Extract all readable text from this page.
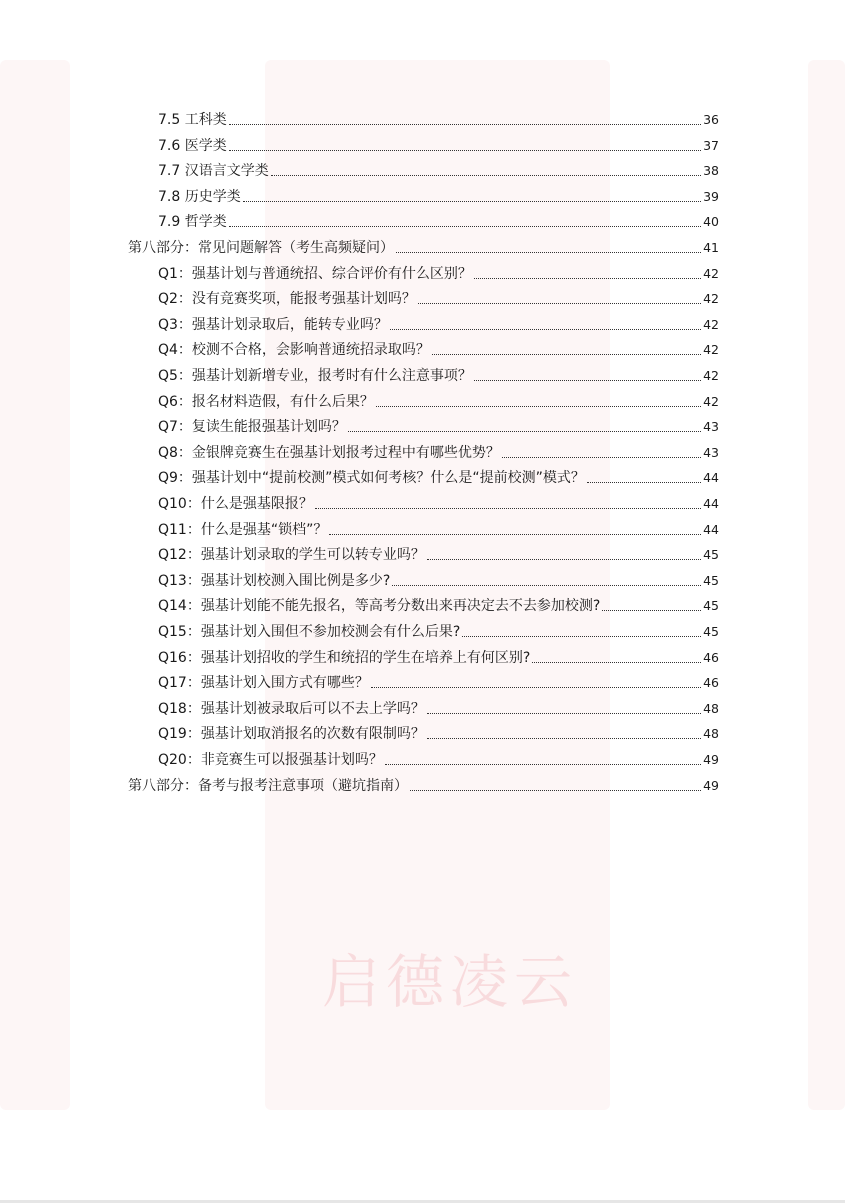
启德凌云
7.5 工科类	36
7.6 医学类	37
7.7 汉语言文学类	38
7.8 历史学类	39
7.9 哲学类	40
第八部分：常见问题解答（考生高频疑问）	41
Q1：强基计划与普通统招、综合评价有什么区别？	42
Q2：没有竞赛奖项，能报考强基计划吗？	42
Q3：强基计划录取后，能转专业吗？	42
Q4：校测不合格，会影响普通统招录取吗？	42
Q5：强基计划新增专业，报考时有什么注意事项？	42
Q6：报名材料造假，有什么后果？	42
Q7：复读生能报强基计划吗？	43
Q8：金银牌竞赛生在强基计划报考过程中有哪些优势？	43
Q9：强基计划中“提前校测”模式如何考核？什么是“提前校测”模式？	44
Q10：什么是强基限报？	44
Q11：什么是强基“锁档”？	44
Q12：强基计划录取的学生可以转专业吗？	45
Q13：强基计划校测入围比例是多少?	45
Q14：强基计划能不能先报名，等高考分数出来再决定去不去参加校测?	45
Q15：强基计划入围但不参加校测会有什么后果?	45
Q16：强基计划招收的学生和统招的学生在培养上有何区别?	46
Q17：强基计划入围方式有哪些？	46
Q18：强基计划被录取后可以不去上学吗？	48
Q19：强基计划取消报名的次数有限制吗？	48
Q20：非竞赛生可以报强基计划吗？	49
第八部分：备考与报考注意事项（避坑指南）	49
